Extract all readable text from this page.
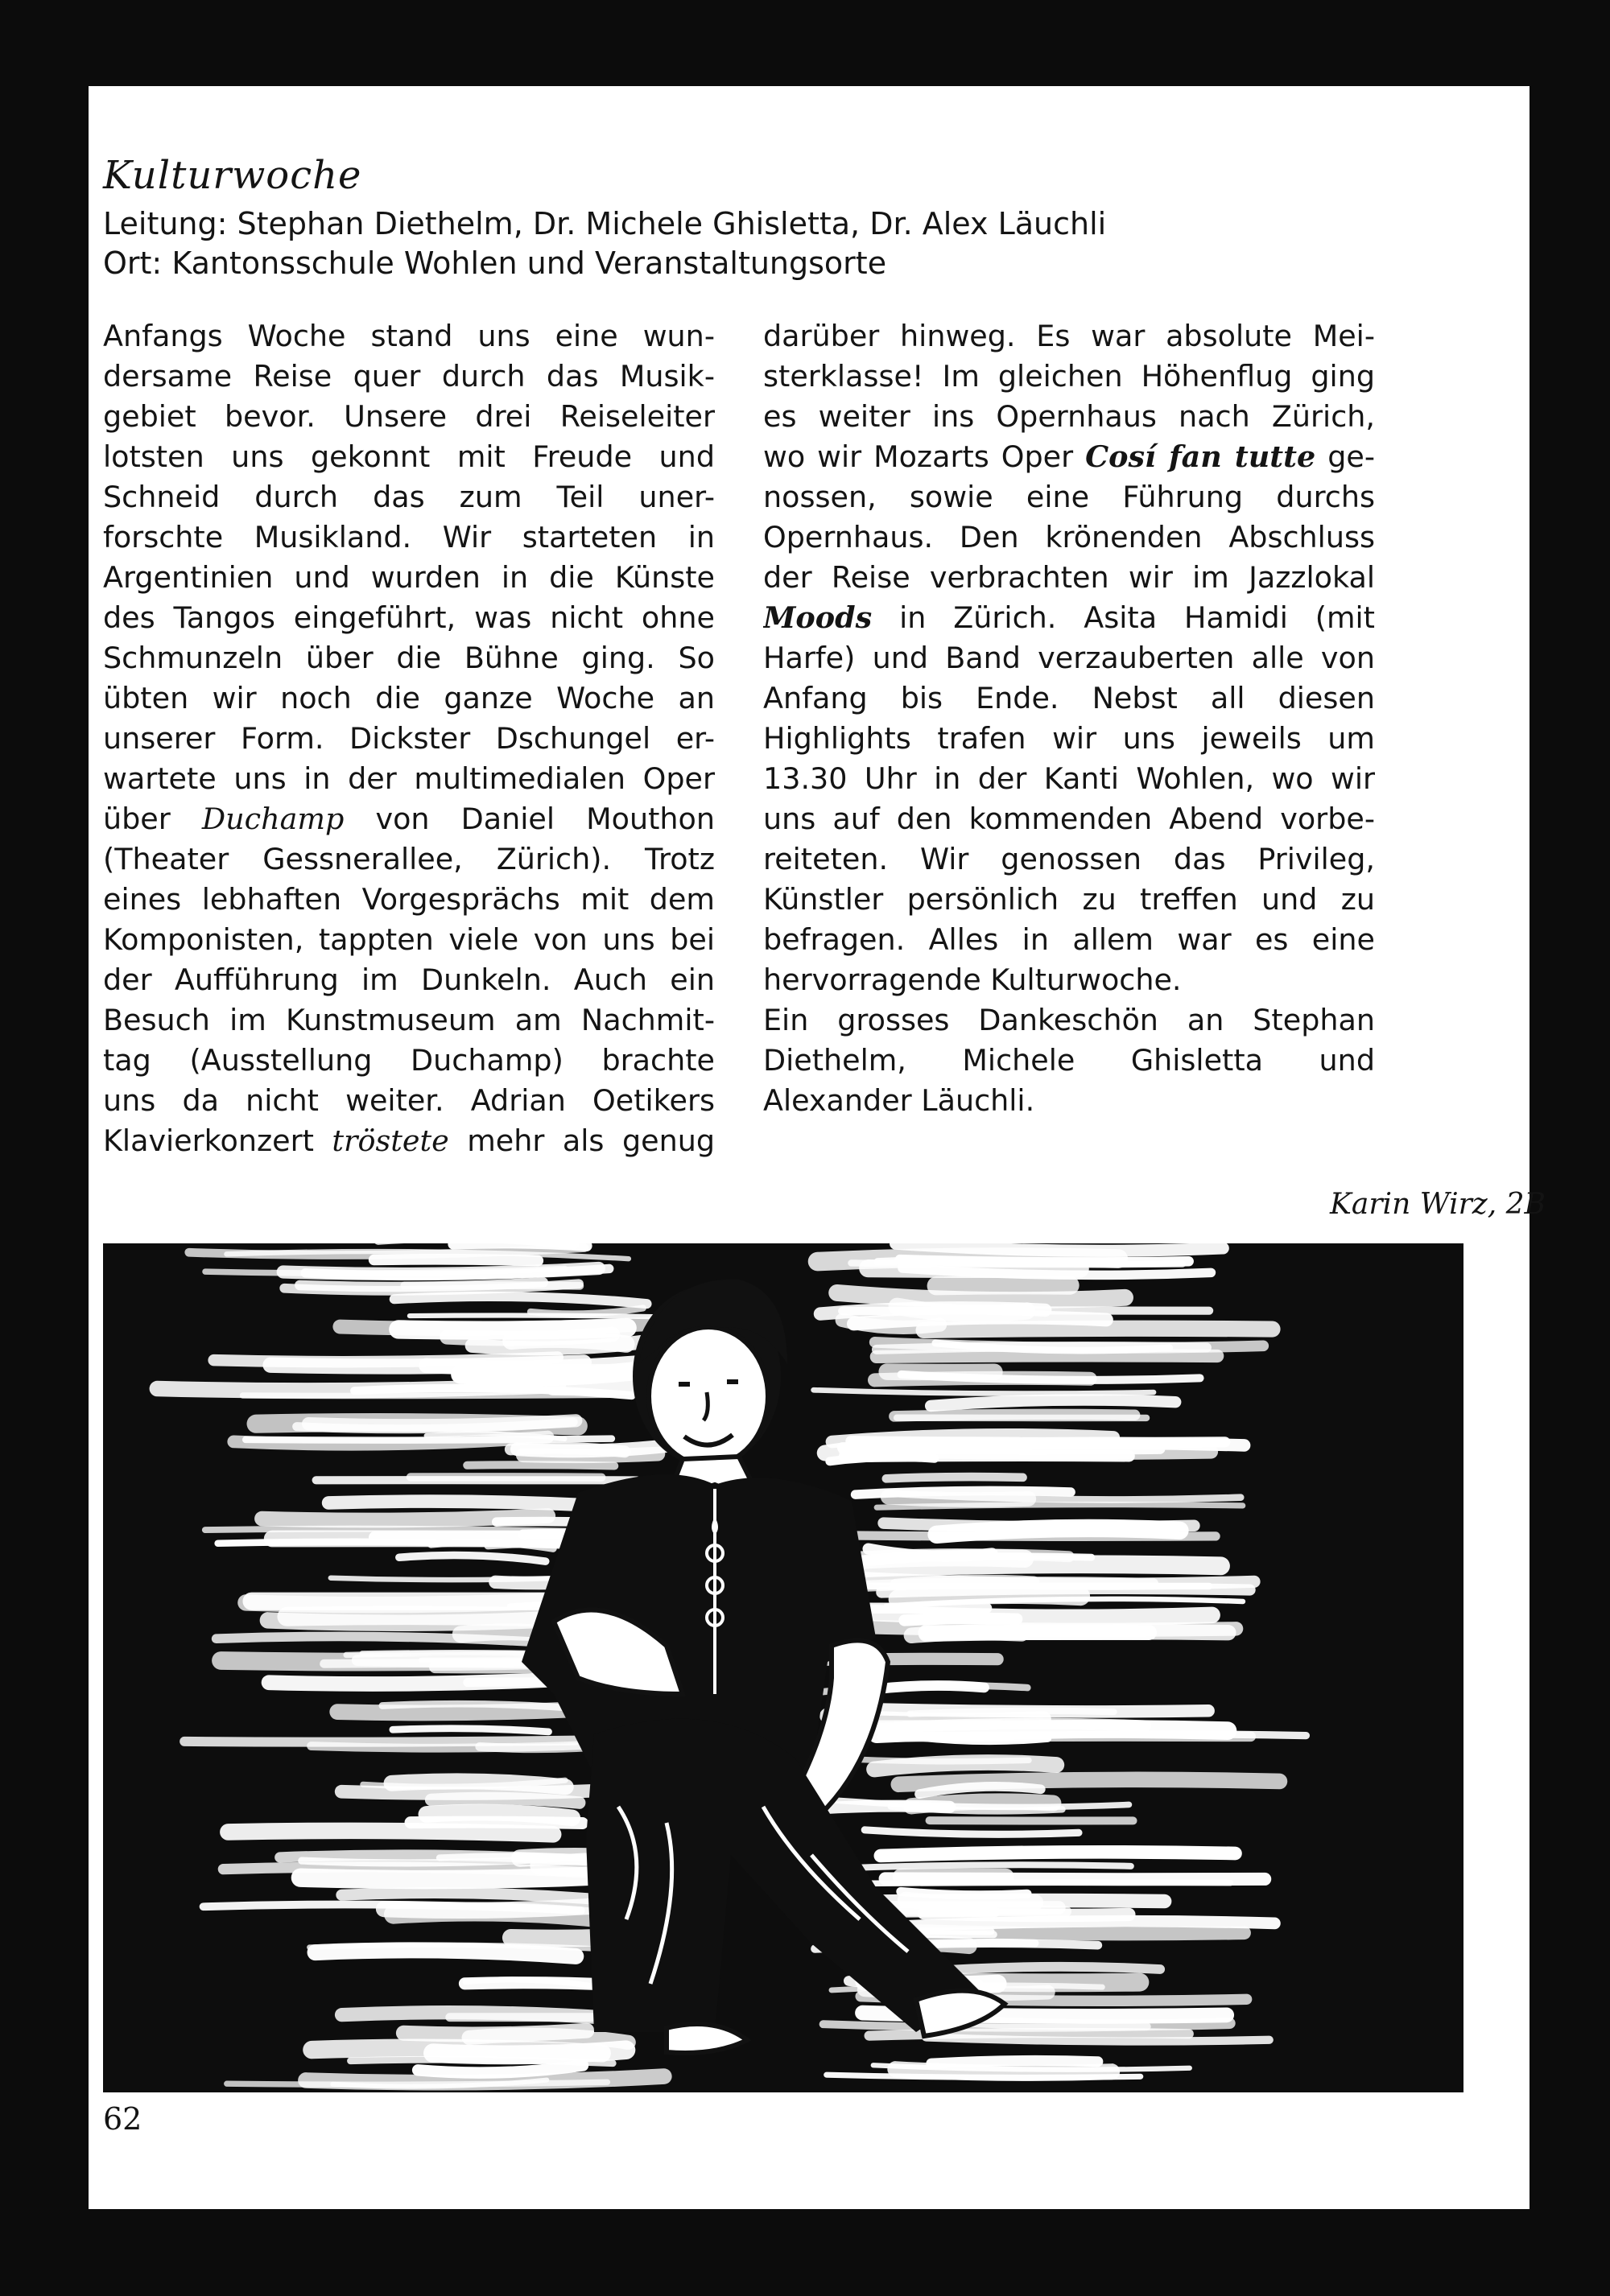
Kulturwoche
Leitung: Stephan Diethelm, Dr. Michele Ghisletta, Dr. Alex Läuchli
Ort: Kantonsschule Wohlen und Veranstaltungsorte
Anfangs Woche stand uns eine wun-
dersame Reise quer durch das Musik-
gebiet bevor. Unsere drei Reiseleiter
lotsten uns gekonnt mit Freude und
Schneid durch das zum Teil uner-
forschte Musikland. Wir starteten in
Argentinien und wurden in die Künste
des Tangos eingeführt, was nicht ohne
Schmunzeln über die Bühne ging. So
übten wir noch die ganze Woche an
unserer Form. Dickster Dschungel er-
wartete uns in der multimedialen Oper
über Duchamp von Daniel Mouthon
(Theater Gessnerallee, Zürich). Trotz
eines lebhaften Vorgesprächs mit dem
Komponisten, tappten viele von uns bei
der Aufführung im Dunkeln. Auch ein
Besuch im Kunstmuseum am Nachmit-
tag (Ausstellung Duchamp) brachte
uns da nicht weiter. Adrian Oetikers
Klavierkonzert tröstete mehr als genug
darüber hinweg. Es war absolute Mei-
sterklasse! Im gleichen Höhenflug ging
es weiter ins Opernhaus nach Zürich,
wo wir Mozarts Oper Cosí fan tutte ge-
nossen, sowie eine Führung durchs
Opernhaus. Den krönenden Abschluss
der Reise verbrachten wir im Jazzlokal
Moods in Zürich. Asita Hamidi (mit
Harfe) und Band verzauberten alle von
Anfang bis Ende. Nebst all diesen
Highlights trafen wir uns jeweils um
13.30 Uhr in der Kanti Wohlen, wo wir
uns auf den kommenden Abend vorbe-
reiteten. Wir genossen das Privileg,
Künstler persönlich zu treffen und zu
befragen. Alles in allem war es eine
hervorragende Kulturwoche.
Ein grosses Dankeschön an Stephan
Diethelm, Michele Ghisletta und
Alexander Läuchli.
Karin Wirz, 2B
62
